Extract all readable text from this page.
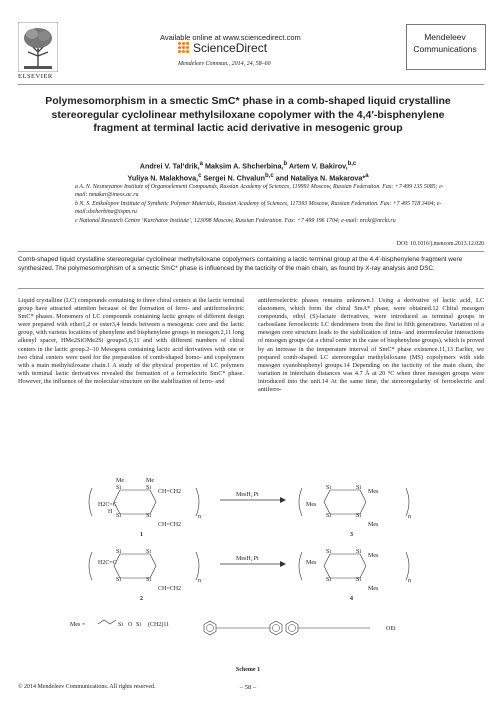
ELSEVIER
Available online at www.sciencedirect.com
ScienceDirect
Mendeleev Commun., 2014, 24, 58–60
Mendeleev
Communications
Polymesomorphism in a smectic SmC* phase in a comb-shaped liquid crystalline stereoregular cyclolinear methylsiloxane copolymer with the 4,4′-bisphenylene fragment at terminal lactic acid derivative in mesogenic group
Andrei V. Tal’drik,$^a$ Maksim A. Shcherbina,$^b$ Artem V. Bakirov,$^{b,c}$
Yuliya N. Malakhova,$^c$ Sergei N. Chvalun$^{b,c}$ and Nataliya N. Makarova*$^a$
a A. N. Nesmeyanov Institute of Organoelement Compounds, Russian Academy of Sciences, 119991 Moscow, Russian Federation. Fax: +7 499 135 5085; e-mail: nmakar@ineos.ac.ru
b N. S. Enikolopov Institute of Synthetic Polymer Materials, Russian Academy of Sciences, 117393 Moscow, Russian Federation. Fax: +7 495 718 3404; e-mail:shcherbina@ispm.ru
c National Research Centre ‘Kurchatov Institute’, 123098 Moscow, Russian Federation. Fax: +7 499 196 1704; e-mail: nrcki@nrcki.ru
DOI: 10.1016/j.mencom.2013.12.020
Comb-shaped liquid crystalline stereoregular cyclolinear methylsiloxane copolymers containing a lactic terminal group at the 4,4′-bisphenylene fragment were synthesized. The polymesomorphism of a smectic SmC* phase is influenced by the tacticity of the main chain, as found by X-ray analysis and DSC.
Liquid crystalline (LC) compounds containing to three chiral centers at the lactic terminal group have attracted attention because of the formation of ferro- and antiferroelectric SmC* phases. Monomers of LC compounds containing lactic groups of different design were prepared with ether1,2 or ester3,4 bonds between a mesogenic core and the lactic group, with various locations of phenylene and bisphenylene groups in mesogen.2,11 long alkenyl spacer, HMe2SiOMe2Si groups5,6,11 and with different numbers of chiral centers in the lactic group.2–10 Mesogens containing lactic acid derivatives with one or two chiral centers were used for the preparation of comb-shaped homo- and copolymers with a main methylsiloxane chain.1 A study of the physical properties of LC polymers with terminal lactic derivatives revealed the formation of a ferroelectric SmC* phase. However, the influence of the molecular structure on the stabilization of ferro- and
antiferroelectric phases remains unknown.1 Using a derivative of lactic acid, LC elastomers, which form the chiral SmA* phase, were obtained.12 Chiral mesogen compounds, ethyl (S)-lactate derivatives, were introduced as terminal groups in carbosilane ferroelectric LC dendrimers from the first to fifth generations. Variation of a mesogen core structure leads to the stabilization of intra- and intermolecular interactions of mesogen groups (at a chiral center in the case of bisphenylene groups), which is proved by an increase in the temperature interval of SmC* phase existence.11,13 Earlier, we prepared comb-shaped LC stereoregular methylsiloxane (MS) copolymers with side mesogen cyanobisphenyl groups.14 Depending on the tacticity of the main chain, the variation in interchain distances was 4.7 Å at 20 °C when three mesogen groups were introduced into the unit.14 At the same time, the stereoregularity of ferroelectric and antiferro-
Si	Si
Si	Si
Me	Me
CH=CH2
CH=CH2
H2C=C
H
n
1
MesH, Pt
Si	Si
Si	Si
Mes
Mes
Mes
n
3
Si	Si
Si	Si
H2C=C
CH=CH2
n
2
MesH, Pt
Si	Si
Si	Si
Mes
Mes
Mes
n
4
Mes =	Si O Si (CH2)11
OEt
Scheme 1
© 2014 Mendeleev Communications. All rights reserved.	– 58 –
